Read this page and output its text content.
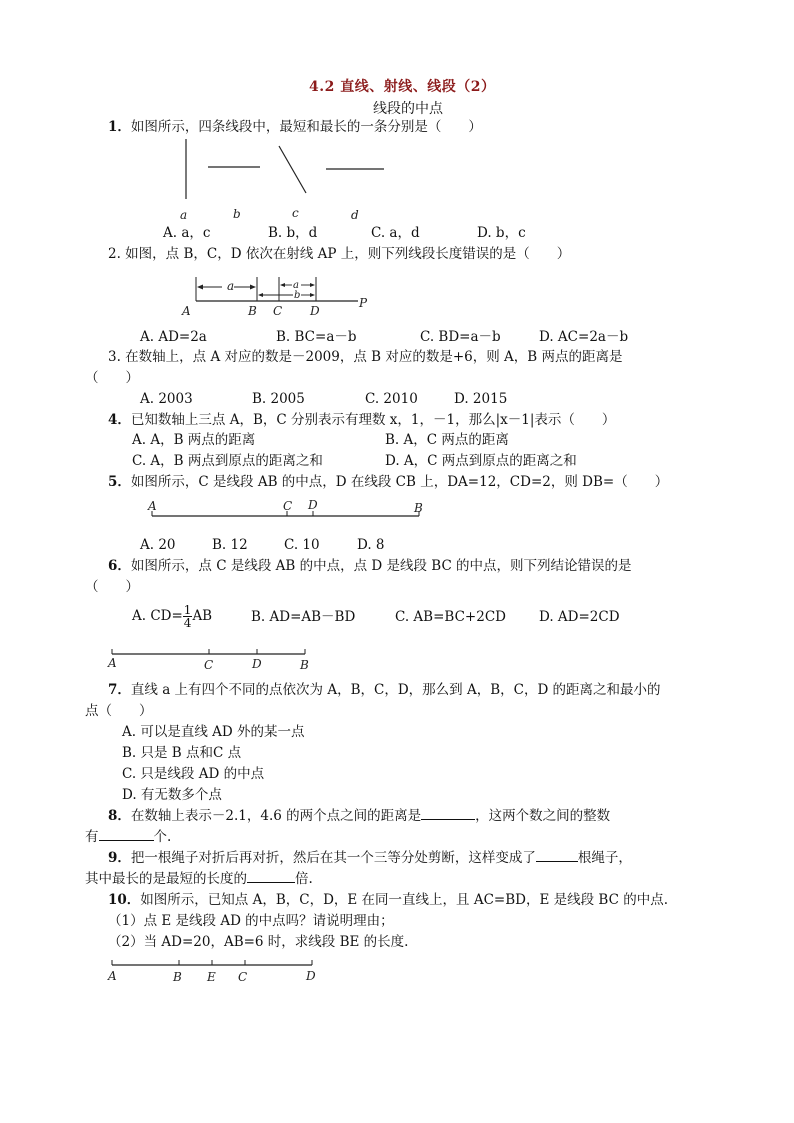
4.2 直线、射线、线段（2）
线段的中点
1．如图所示，四条线段中，最短和最长的一条分别是（　　）
a	b	c	d
A. a，c	B. b，d	C. a，d	D. b，c
2. 如图，点 B，C，D 依次在射线 AP 上，则下列线段长度错误的是（　　）
a	a
b
A	B C D
P
A. AD=2a	B. BC=a－b	C. BD=a－b	D. AC=2a－b
3. 在数轴上，点 A 对应的数是－2009，点 B 对应的数是+6，则 A，B 两点的距离是
（　　）
A. 2003	B. 2005	C. 2010	D. 2015
4．已知数轴上三点 A，B，C 分别表示有理数 x，1，－1，那么|x－1|表示（　　）
A. A，B 两点的距离	B. A，C 两点的距离
C. A，B 两点到原点的距离之和	D. A，C 两点到原点的距离之和
5．如图所示，C 是线段 AB 的中点，D 在线段 CB 上，DA=12，CD=2，则 DB=（　　）
A	C D	B
A. 20	B. 12	C. 10	D. 8
6．如图所示，点 C 是线段 AB 的中点，点 D 是线段 BC 的中点，则下列结论错误的是
（　　）
A. $CD= \frac{1}{4}$ AB	B. AD=AB－BD	C. AB=BC+2CD D. AD=2CD
A	C	D	B
7．直线 a 上有四个不同的点依次为 A，B，C，D，那么到 A，B，C，D 的距离之和最小的
点（　　）
A. 可以是直线 AD 外的某一点
B. 只是 B 点和C 点
C. 只是线段 AD 的中点
D. 有无数多个点
8．在数轴上表示－2.1，4.6 的两个点之间的距离是	，这两个数之间的整数
有	个.
9．把一根绳子对折后再对折，然后在其一个三等分处剪断，这样变成了	根绳子，
其中最长的是最短的长度的	倍.
10．如图所示，已知点 A，B，C，D，E 在同一直线上，且 AC=BD，E 是线段 BC 的中点.
（1）点 E 是线段 AD 的中点吗？请说明理由；
（2）当 AD=20，AB=6 时，求线段 BE 的长度.
A	B E C	D
